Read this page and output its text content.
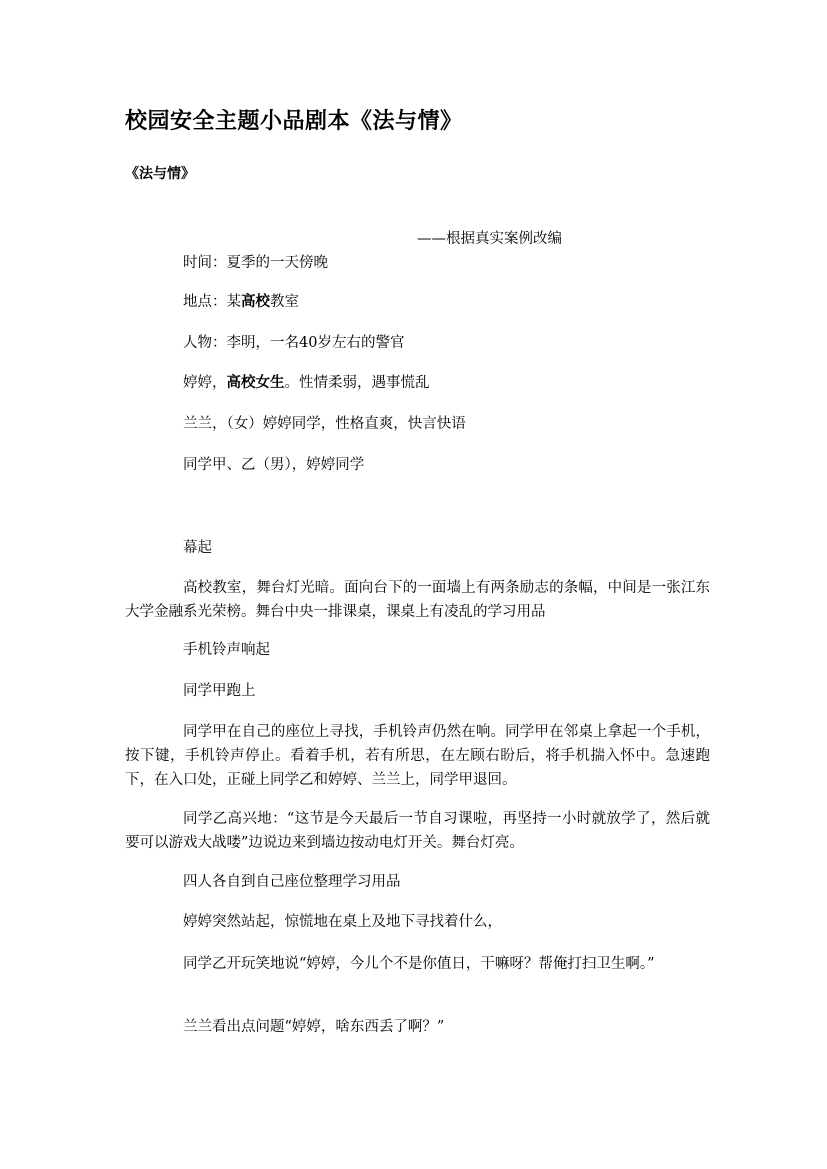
校园安全主题小品剧本《法与情》
《法与情》
——根据真实案例改编
时间：夏季的一天傍晚
地点：某高校教室
人物：李明，一名40岁左右的警官
婷婷，高校女生。性情柔弱，遇事慌乱
兰兰，（女）婷婷同学，性格直爽，快言快语
同学甲、乙（男），婷婷同学
幕起
高校教室，舞台灯光暗。面向台下的一面墙上有两条励志的条幅，中间是一张江东大学金融系光荣榜。舞台中央一排课桌，课桌上有凌乱的学习用品
手机铃声响起
同学甲跑上
同学甲在自己的座位上寻找，手机铃声仍然在响。同学甲在邻桌上拿起一个手机，按下键，手机铃声停止。看着手机，若有所思，在左顾右盼后，将手机揣入怀中。急速跑下，在入口处，正碰上同学乙和婷婷、兰兰上，同学甲退回。
同学乙高兴地：“这节是今天最后一节自习课啦，再坚持一小时就放学了，然后就要可以游戏大战喽”边说边来到墙边按动电灯开关。舞台灯亮。
四人各自到自己座位整理学习用品
婷婷突然站起，惊慌地在桌上及地下寻找着什么，
同学乙开玩笑地说“婷婷，今儿个不是你值日，干嘛呀？帮俺打扫卫生啊。”
兰兰看出点问题“婷婷，啥东西丢了啊？”
